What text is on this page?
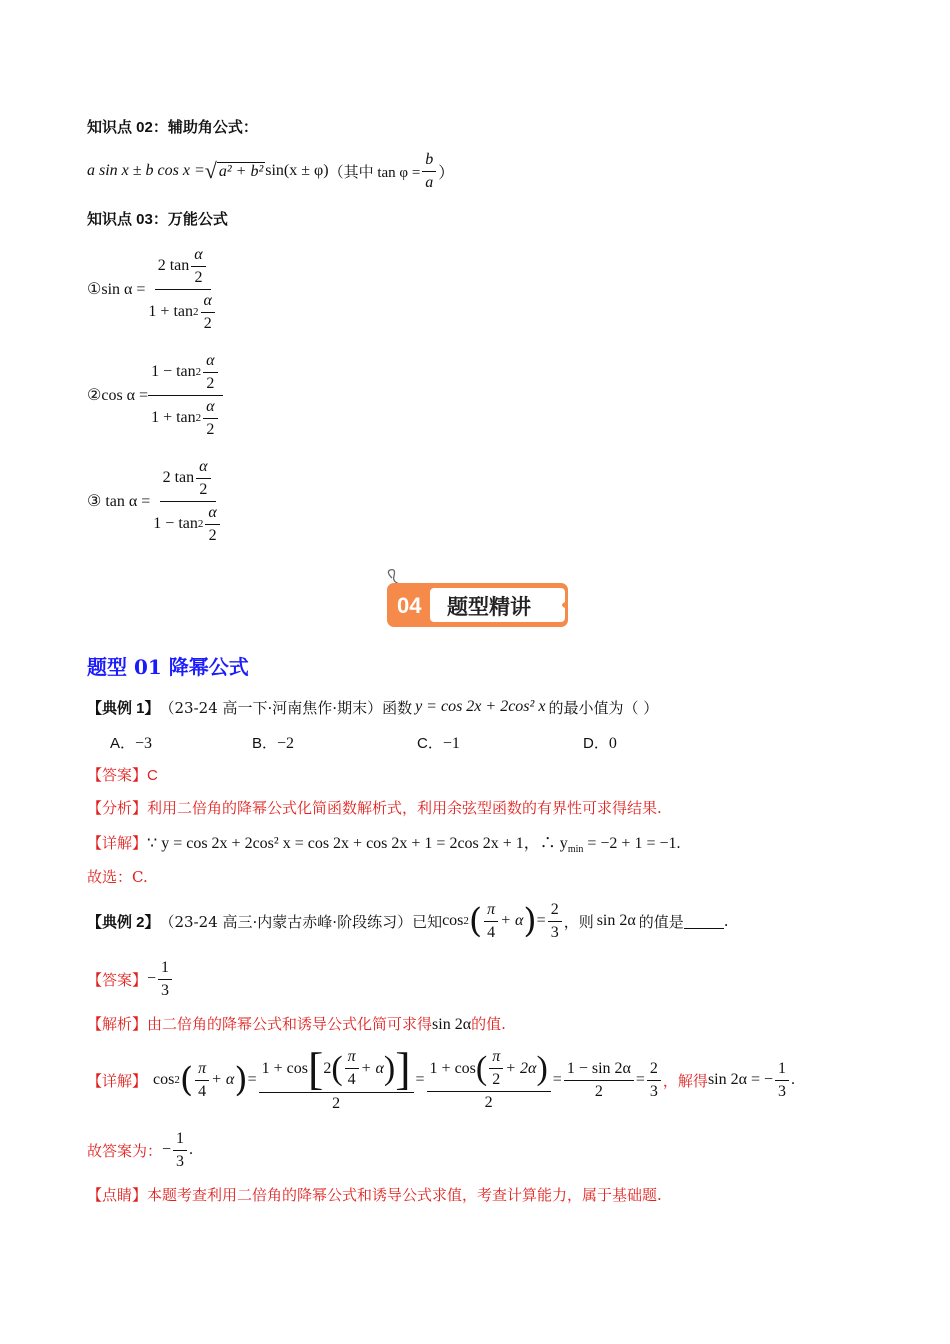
知识点 02：辅助角公式：
a sin x ± b cos x = √ a² + b² sin(x ± φ) （其中 $\tan \varphi = \frac{b}{a}$ ）
知识点 03：万能公式
①sin $\alpha = \frac{2 \tan \frac{\alpha}{2}}{1 + \tan 2 \frac{\alpha}{2}}$
②cos $\alpha = \frac{1 - \tan 2 \frac{\alpha}{2}}{1 + \tan 2 \frac{\alpha}{2}}$
③ $\tan \alpha = \frac{2 \tan \frac{\alpha}{2}}{1 - \tan 2 \frac{\alpha}{2}}$
04 题型精讲
题型 01 降幂公式
【典例 1】 （23-24 高一下·河南焦作·期末）函数 y = cos 2x + 2cos² x 的最小值为（ ）
A．−3	B．−2	C．−1	D．0
【答案】C
【分析】利用二倍角的降幂公式化简函数解析式，利用余弦型函数的有界性可求得结果.
【详解】∵ y = cos 2x + 2cos² x = cos 2x + cos 2x + 1 = 2cos 2x + 1，∴ $y_{min} = -2 + 1 = -1$.
故选：C.
【典例 2】 （23-24 高三·内蒙古赤峰·阶段练习）已知 cos 2 ( $\frac{\pi}{4} + \alpha$ ) = $\frac{2}{3}$ ，则 sin 2α 的值是	.
【答案】 − $\frac{1}{3}$
【解析】由二倍角的降幂公式和诱导公式化简可求得sin 2α的值.
【详解】 cos 2 ( $\frac{\pi}{4} + \alpha$ ) =
1 + cos [ 2 ( $\frac{\pi}{4} + \alpha$ ) ]
2
= $\frac{1 + \cos ( \frac{\pi}{2} + 2\alpha )}{2} = \frac{1 - \sin 2\alpha}{2} = \frac{2}{3}$ ，解得 sin 2α = − $\frac{1}{3}$ .
故答案为： − $\frac{1}{3}$ .
【点睛】本题考查利用二倍角的降幂公式和诱导公式求值，考查计算能力，属于基础题.
